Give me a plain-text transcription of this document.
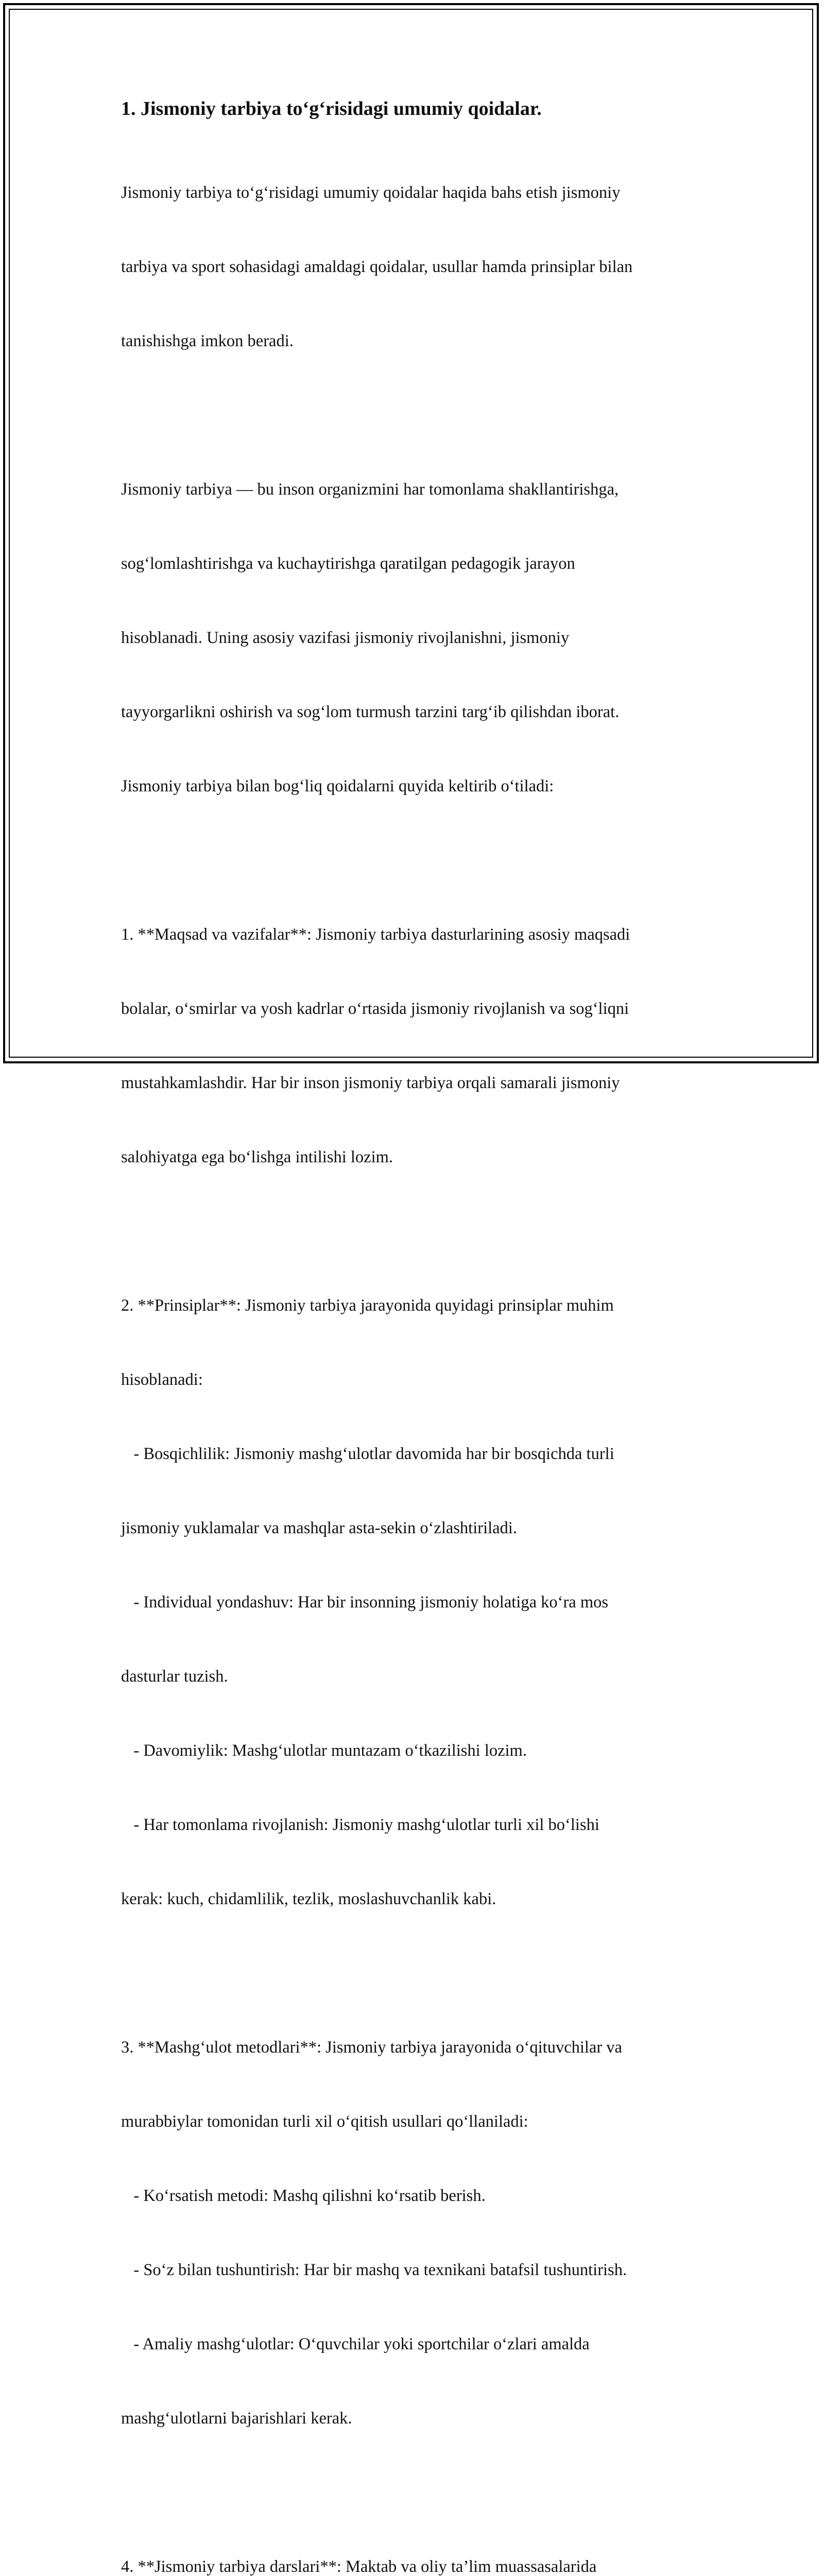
1. Jismoniy tarbiya to‘g‘risidagi umumiy qoidalar.

Jismoniy tarbiya to‘g‘risidagi umumiy qoidalar haqida bahs etish jismoniy

tarbiya va sport sohasidagi amaldagi qoidalar, usullar hamda prinsiplar bilan

tanishishga imkon beradi.

Jismoniy tarbiya — bu inson organizmini har tomonlama shakllantirishga,

sog‘lomlashtirishga va kuchaytirishga qaratilgan pedagogik jarayon

hisoblanadi. Uning asosiy vazifasi jismoniy rivojlanishni, jismoniy

tayyorgarlikni oshirish va sog‘lom turmush tarzini targ‘ib qilishdan iborat.

Jismoniy tarbiya bilan bog‘liq qoidalarni quyida keltirib o‘tiladi:

1. **Maqsad va vazifalar**: Jismoniy tarbiya dasturlarining asosiy maqsadi

bolalar, o‘smirlar va yosh kadrlar o‘rtasida jismoniy rivojlanish va sog‘liqni

mustahkamlashdir. Har bir inson jismoniy tarbiya orqali samarali jismoniy

salohiyatga ega bo‘lishga intilishi lozim.

2. **Prinsiplar**: Jismoniy tarbiya jarayonida quyidagi prinsiplar muhim

hisoblanadi:

- Bosqichlilik: Jismoniy mashg‘ulotlar davomida har bir bosqichda turli

jismoniy yuklamalar va mashqlar asta-sekin o‘zlashtiriladi.

- Individual yondashuv: Har bir insonning jismoniy holatiga ko‘ra mos

dasturlar tuzish.

- Davomiylik: Mashg‘ulotlar muntazam o‘tkazilishi lozim.

- Har tomonlama rivojlanish: Jismoniy mashg‘ulotlar turli xil bo‘lishi

kerak: kuch, chidamlilik, tezlik, moslashuvchanlik kabi.

3. **Mashg‘ulot metodlari**: Jismoniy tarbiya jarayonida o‘qituvchilar va

murabbiylar tomonidan turli xil o‘qitish usullari qo‘llaniladi:

- Ko‘rsatish metodi: Mashq qilishni ko‘rsatib berish.

- So‘z bilan tushuntirish: Har bir mashq va texnikani batafsil tushuntirish.

- Amaliy mashg‘ulotlar: O‘quvchilar yoki sportchilar o‘zlari amalda

mashg‘ulotlarni bajarishlari kerak.

4. **Jismoniy tarbiya darslari**: Maktab va oliy ta’lim muassasalarida
